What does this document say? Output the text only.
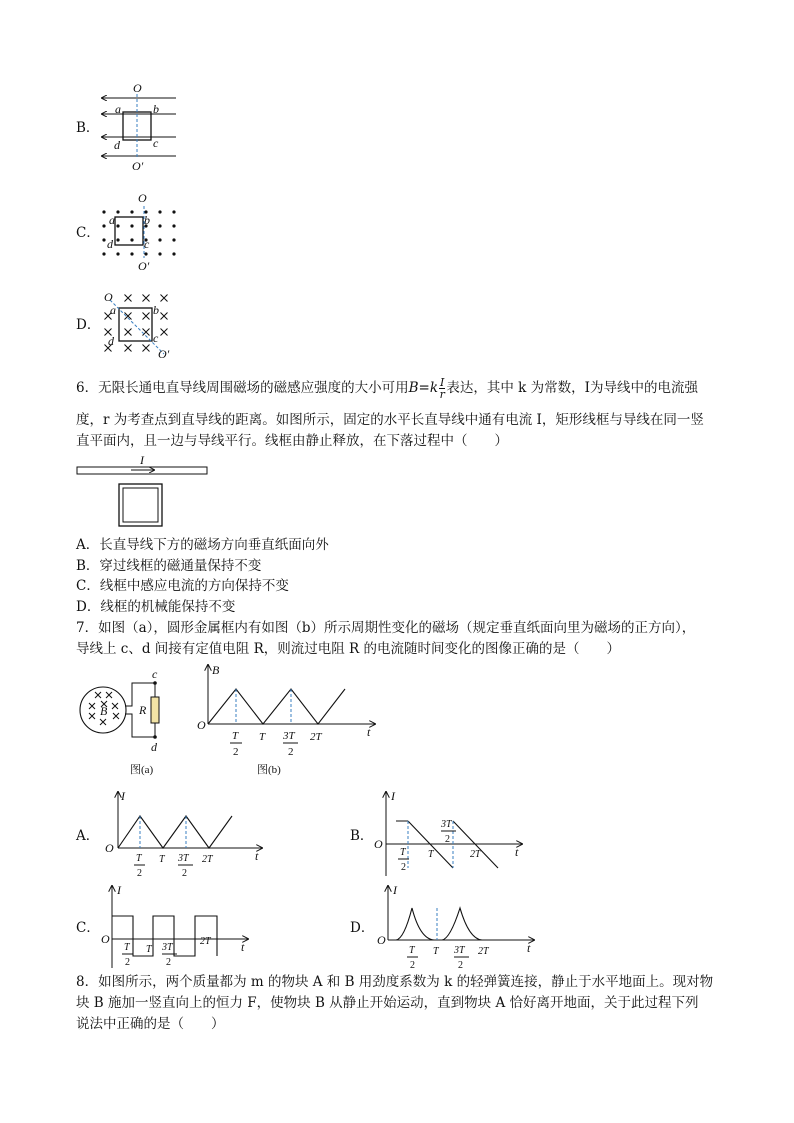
B．
O
O′
a	b
c
d
C．
O
O′
a b
c
d
D．
O
O′
a	b
c
d
6．无限长通电直导线周围磁场的磁感应强度的大小可用$B=k \frac{I}{r}$ 表达，其中 k 为常数，I为导线中的电流强
度，r 为考查点到直导线的距离。如图所示，固定的水平长直导线中通有电流 I，矩形线框与导线在同一竖
直平面内，且一边与导线平行。线框由静止释放，在下落过程中（　　）
I
A．长直导线下方的磁场方向垂直纸面向外
B．穿过线框的磁通量保持不变
C．线框中感应电流的方向保持不变
D．线框的机械能保持不变
7．如图（a），圆形金属框内有如图（b）所示周期性变化的磁场（规定垂直纸面向里为磁场的正方向），
导线上 c、d 间接有定值电阻 R，则流过电阻 R 的电流随时间变化的图像正确的是（　　）
B
c
R
d
图(a)
B
O	t
T
2
T 3T
2
2T
图(b)
A．
I
O
t
T
2
T 3T
2
2T
B．
I
O
t
T
2
T
3T
2
2T
C．
I
O
t
T
2
T 3T
2
2T
D．
I
O
t
T
2
T 3T
2
2T
8．如图所示，两个质量都为 m 的物块 A 和 B 用劲度系数为 k 的轻弹簧连接，静止于水平地面上。现对物
块 B 施加一竖直向上的恒力 F，使物块 B 从静止开始运动，直到物块 A 恰好离开地面，关于此过程下列
说法中正确的是（　　）
